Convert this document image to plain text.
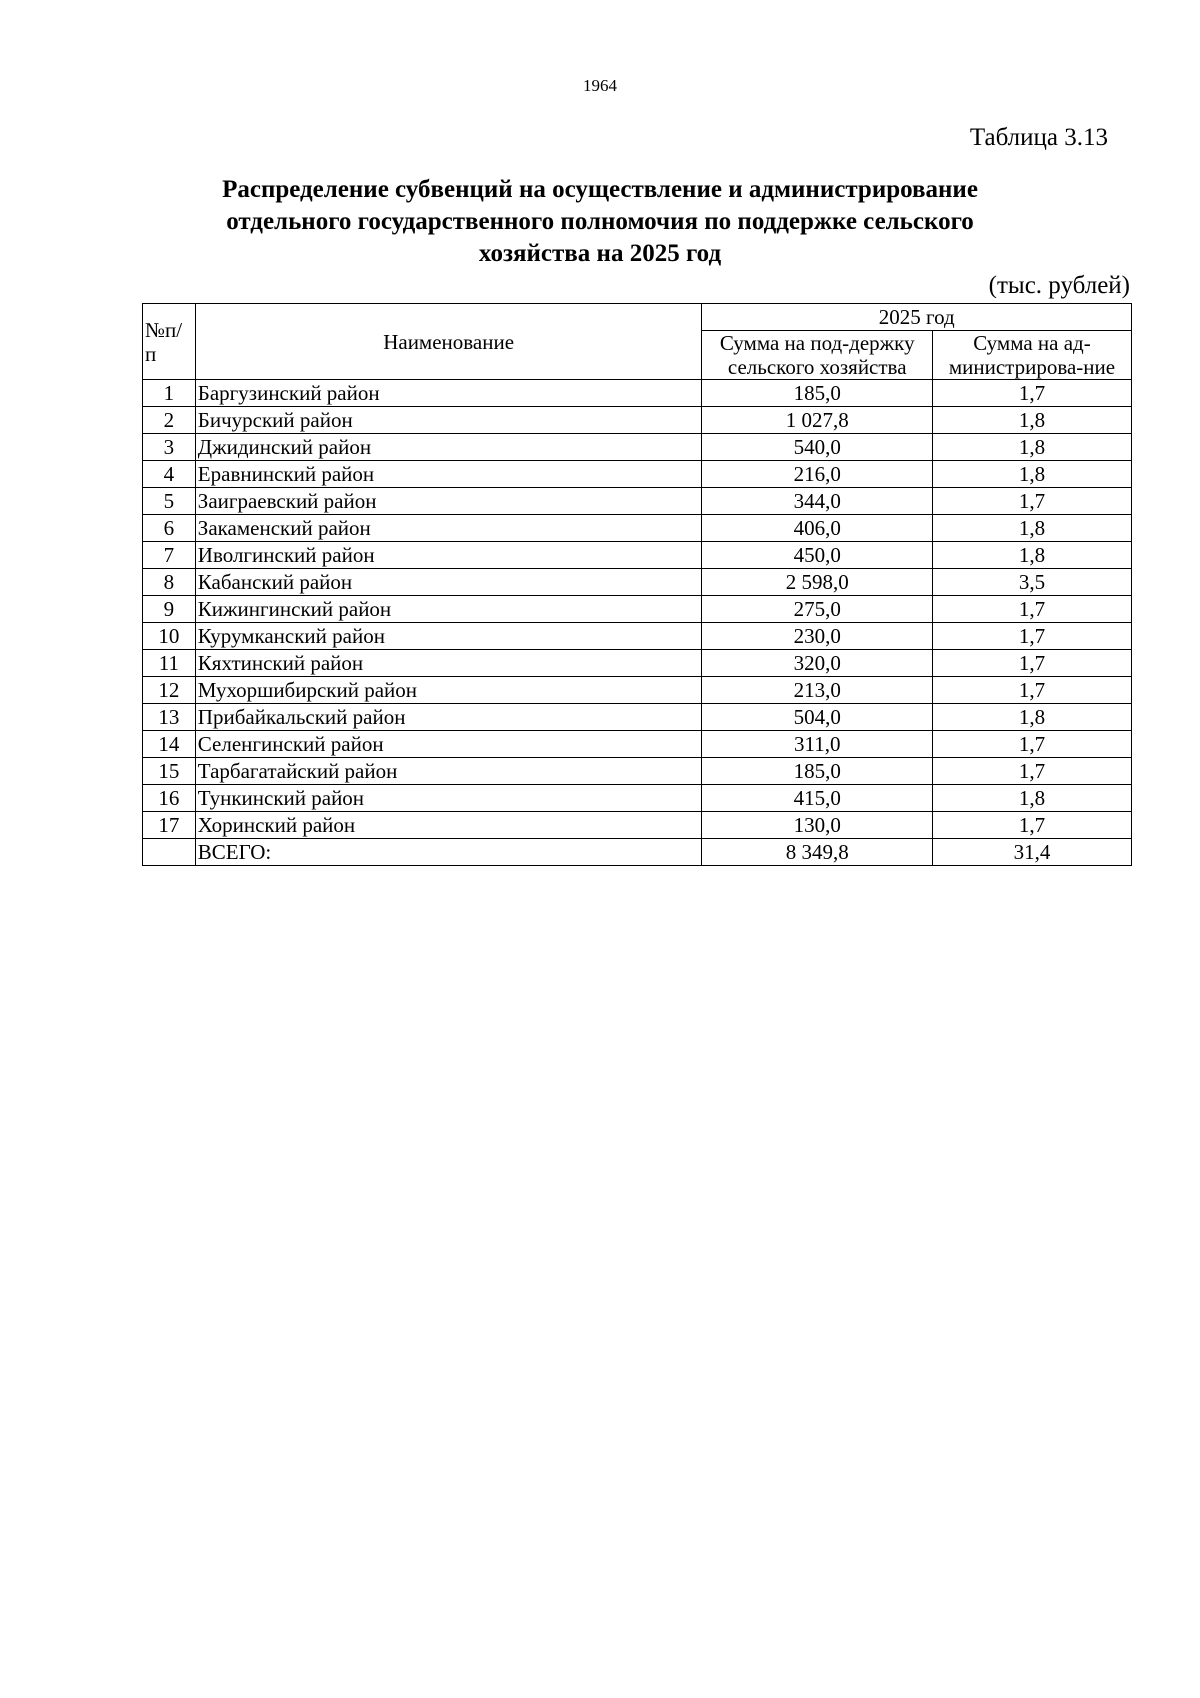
1964
Таблица 3.13
Распределение субвенций на осуществление и администрирование
отдельного государственного полномочия по поддержке сельского
хозяйства на 2025 год
(тыс. рублей)
№п/п	Наименование	2025 год	
		Сумма на под-держку сельского хозяйства	Сумма на ад-министрирова-ние
1	Баргузинский район	185,0	1,7
2	Бичурский район	1 027,8	1,8
3	Джидинский район	540,0	1,8
4	Еравнинский район	216,0	1,8
5	Заиграевский район	344,0	1,7
6	Закаменский район	406,0	1,8
7	Иволгинский район	450,0	1,8
8	Кабанский район	2 598,0	3,5
9	Кижингинский район	275,0	1,7
10	Курумканский район	230,0	1,7
11	Кяхтинский район	320,0	1,7
12	Мухоршибирский район	213,0	1,7
13	Прибайкальский район	504,0	1,8
14	Селенгинский район	311,0	1,7
15	Тарбагатайский район	185,0	1,7
16	Тункинский район	415,0	1,8
17	Хоринский район	130,0	1,7
	ВСЕГО:	8 349,8	31,4
